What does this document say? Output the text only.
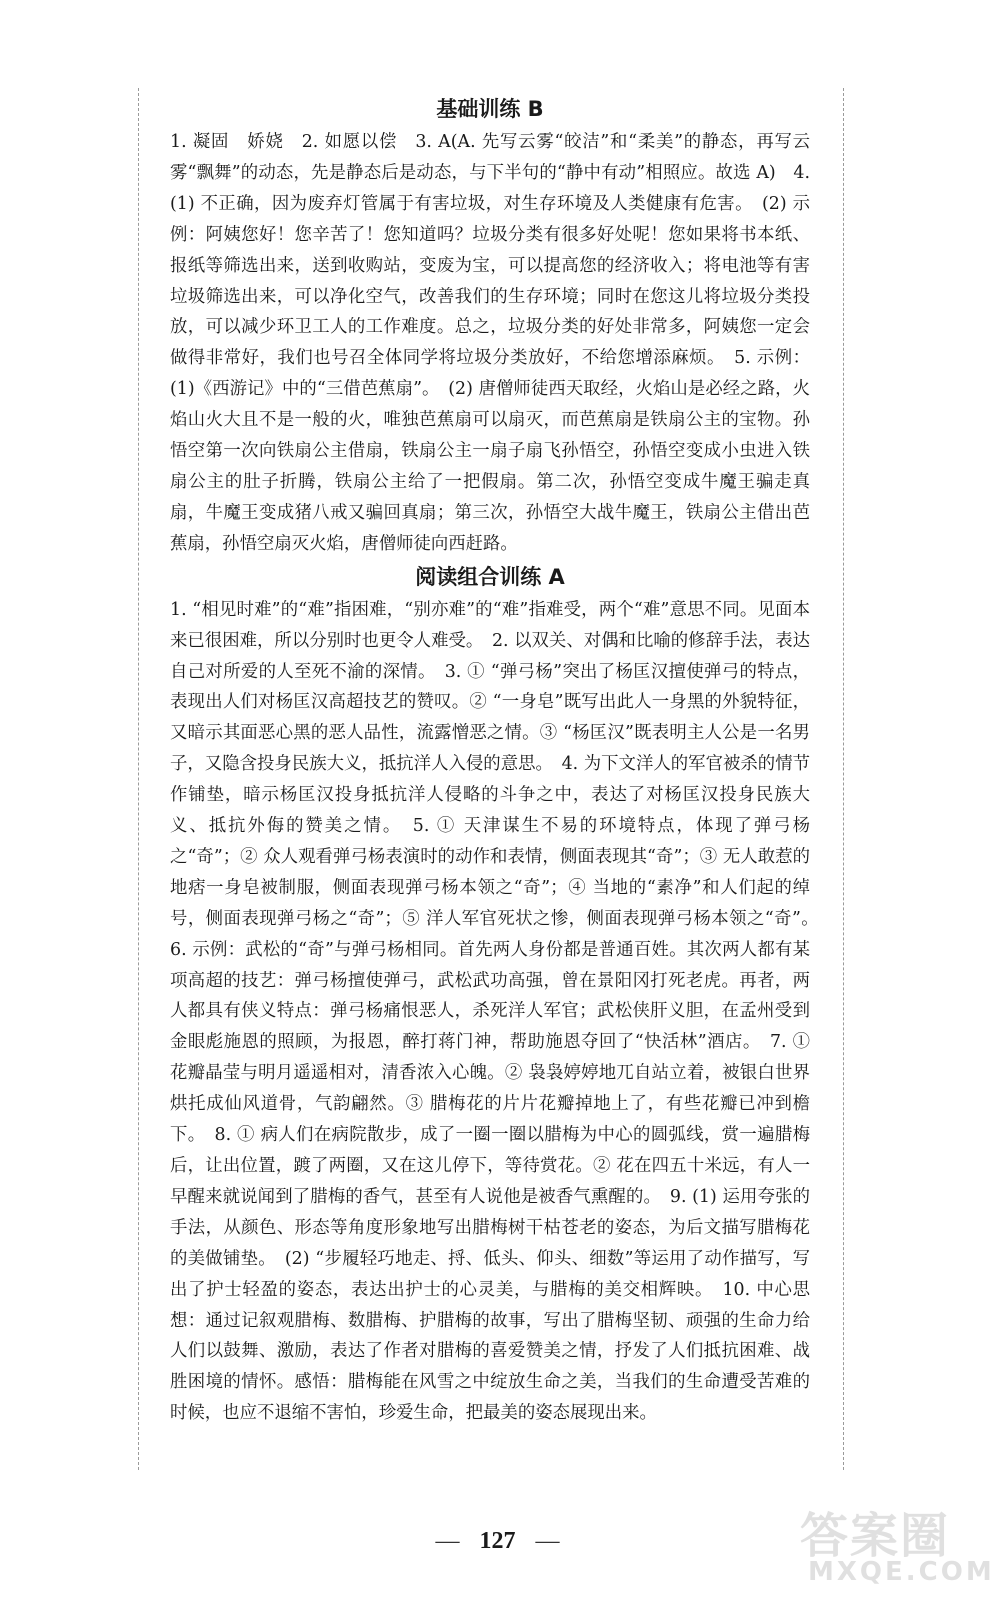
基础训练 B

1. 凝固　娇娆　2. 如愿以偿　3. A(A. 先写云雾“皎洁”和“柔美”的静态，再写云雾“飘舞”的动态，先是静态后是动态，与下半句的“静中有动”相照应。故选 A)　4. (1) 不正确，因为废弃灯管属于有害垃圾，对生存环境及人类健康有危害。　(2) 示例：阿姨您好！您辛苦了！您知道吗？垃圾分类有很多好处呢！您如果将书本纸、报纸等筛选出来，送到收购站，变废为宝，可以提高您的经济收入；将电池等有害垃圾筛选出来，可以净化空气，改善我们的生存环境；同时在您这儿将垃圾分类投放，可以减少环卫工人的工作难度。总之，垃圾分类的好处非常多，阿姨您一定会做得非常好，我们也号召全体同学将垃圾分类放好，不给您增添麻烦。　5. 示例：(1)《西游记》中的“三借芭蕉扇”。　(2) 唐僧师徒西天取经，火焰山是必经之路，火焰山火大且不是一般的火，唯独芭蕉扇可以扇灭，而芭蕉扇是铁扇公主的宝物。孙悟空第一次向铁扇公主借扇，铁扇公主一扇子扇飞孙悟空，孙悟空变成小虫进入铁扇公主的肚子折腾，铁扇公主给了一把假扇。第二次，孙悟空变成牛魔王骗走真扇，牛魔王变成猪八戒又骗回真扇；第三次，孙悟空大战牛魔王，铁扇公主借出芭蕉扇，孙悟空扇灭火焰，唐僧师徒向西赶路。

阅读组合训练 A

1. “相见时难”的“难”指困难，“别亦难”的“难”指难受，两个“难”意思不同。见面本来已很困难，所以分别时也更令人难受。　2. 以双关、对偶和比喻的修辞手法，表达自己对所爱的人至死不渝的深情。　3. ① “弹弓杨”突出了杨匡汉擅使弹弓的特点，表现出人们对杨匡汉高超技艺的赞叹。② “一身皂”既写出此人一身黑的外貌特征，又暗示其面恶心黑的恶人品性，流露憎恶之情。③ “杨匡汉”既表明主人公是一名男子，又隐含投身民族大义，抵抗洋人入侵的意思。　4. 为下文洋人的军官被杀的情节作铺垫，暗示杨匡汉投身抵抗洋人侵略的斗争之中，表达了对杨匡汉投身民族大义、抵抗外侮的赞美之情。　5. ① 天津谋生不易的环境特点，体现了弹弓杨之“奇”；② 众人观看弹弓杨表演时的动作和表情，侧面表现其“奇”；③ 无人敢惹的地痞一身皂被制服，侧面表现弹弓杨本领之“奇”；④ 当地的“素净”和人们起的绰号，侧面表现弹弓杨之“奇”；⑤ 洋人军官死状之惨，侧面表现弹弓杨本领之“奇”。　6. 示例：武松的“奇”与弹弓杨相同。首先两人身份都是普通百姓。其次两人都有某项高超的技艺：弹弓杨擅使弹弓，武松武功高强，曾在景阳冈打死老虎。再者，两人都具有侠义特点：弹弓杨痛恨恶人，杀死洋人军官；武松侠肝义胆，在孟州受到金眼彪施恩的照顾，为报恩，醉打蒋门神，帮助施恩夺回了“快活林”酒店。　7. ① 花瓣晶莹与明月遥遥相对，清香浓入心魄。② 袅袅婷婷地兀自站立着，被银白世界烘托成仙风道骨，气韵翩然。③ 腊梅花的片片花瓣掉地上了，有些花瓣已冲到檐下。　8. ① 病人们在病院散步，成了一圈一圈以腊梅为中心的圆弧线，赏一遍腊梅后，让出位置，踱了两圈，又在这儿停下，等待赏花。② 花在四五十米远，有人一早醒来就说闻到了腊梅的香气，甚至有人说他是被香气熏醒的。　9. (1) 运用夸张的手法，从颜色、形态等角度形象地写出腊梅树干枯苍老的姿态，为后文描写腊梅花的美做铺垫。　(2) “步履轻巧地走、捋、低头、仰头、细数”等运用了动作描写，写出了护士轻盈的姿态，表达出护士的心灵美，与腊梅的美交相辉映。　10. 中心思想：通过记叙观腊梅、数腊梅、护腊梅的故事，写出了腊梅坚韧、顽强的生命力给人们以鼓舞、激励，表达了作者对腊梅的喜爱赞美之情，抒发了人们抵抗困难、战胜困境的情怀。感悟：腊梅能在风雪之中绽放生命之美，当我们的生命遭受苦难的时候，也应不退缩不害怕，珍爱生命，把最美的姿态展现出来。

— 127 —	答案圈
MXQE.COM
